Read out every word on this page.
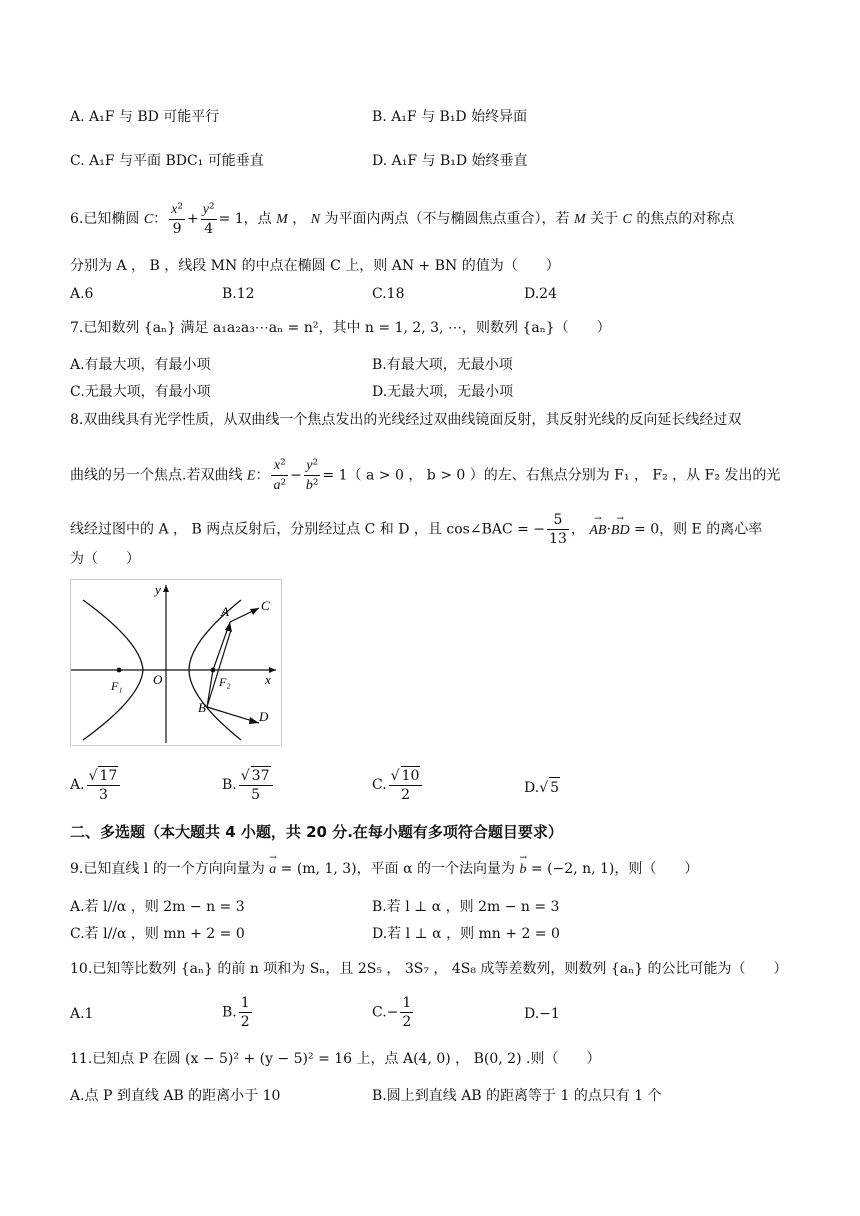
A. A₁F 与 BD 可能平行	B. A₁F 与 B₁D 始终异面
C. A₁F 与平面 BDC₁ 可能垂直	D. A₁F 与 B₁D 始终垂直
6.已知椭圆 C： $\frac{\text{x²}}{9} + \frac{\text{y²}}{4} = 1$，点 M ， N 为平面内两点（不与椭圆焦点重合），若 M 关于 C 的焦点的对称点
分别为 A ， B ，线段 MN 的中点在椭圆 C 上，则 AN + BN 的值为（　　）
A.6	B.12	C.18	D.24
7.已知数列 {aₙ} 满足 a₁a₂a₃⋯aₙ = n²，其中 n = 1, 2, 3, ⋯，则数列 {aₙ}（　　）
A.有最大项，有最小项	B.有最大项，无最小项
C.无最大项，有最小项	D.无最大项，无最小项
8.双曲线具有光学性质，从双曲线一个焦点发出的光线经过双曲线镜面反射，其反射光线的反向延长线经过双
曲线的另一个焦点.若双曲线 E： $\frac{\text{x²}}{\text{a²}} - \frac{\text{y²}}{\text{b²}} = 1$（ a > 0 ， b > 0 ）的左、右焦点分别为 F₁ ， F₂ ，从 F₂ 发出的光
线经过图中的 A ， B 两点反射后，分别经过点 C 和 D ，且 cos∠BAC = − $\frac{5}{13}$ ， → AB·→ BD = 0，则 E 的离心率
为（　　）
y
x
O
F₁	F₂
A
B
C
D
A. $\frac{√ 17}{3}$	B. $\frac{√ 37}{5}$	C. $\frac{√ 10}{2}$	D.√ 5
二、多选题（本大题共 4 小题，共 20 分.在每小题有多项符合题目要求）
9.已知直线 l 的一个方向向量为 → a = (m, 1, 3)，平面 α 的一个法向量为 → b = (−2, n, 1)，则（　　）
A.若 l//α ，则 2m − n = 3	B.若 l ⊥ α ，则 2m − n = 3
C.若 l//α ，则 mn + 2 = 0	D.若 l ⊥ α ，则 mn + 2 = 0
10.已知等比数列 {aₙ} 的前 n 项和为 Sₙ，且 2S₅ ， 3S₇ ， 4S₈ 成等差数列，则数列 {aₙ} 的公比可能为（　　）
A.1	B. $\frac{1}{2}$	$C.- \frac{1}{2}$	D.−1
11.已知点 P 在圆 (x − 5)² + (y − 5)² = 16 上，点 A(4, 0) ， B(0, 2) .则（　　）
A.点 P 到直线 AB 的距离小于 10	B.圆上到直线 AB 的距离等于 1 的点只有 1 个
